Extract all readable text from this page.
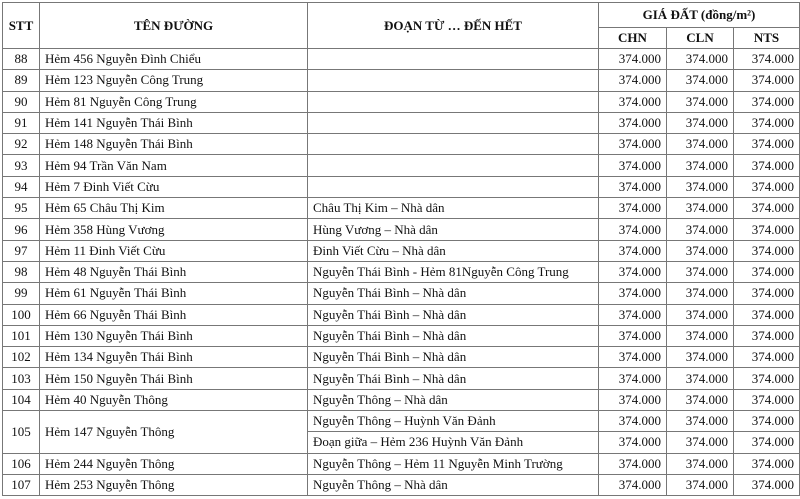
STT	TÊN ĐƯỜNG	ĐOẠN TỪ … ĐẾN HẾT	GIÁ ĐẤT (đồng/m²)		
			CHN	CLN	NTS
88	Hẻm 456 Nguyễn Đình Chiểu		374.000	374.000	374.000
89	Hẻm 123 Nguyễn Công Trung		374.000	374.000	374.000
90	Hẻm 81 Nguyễn Công Trung		374.000	374.000	374.000
91	Hẻm 141 Nguyễn Thái Bình		374.000	374.000	374.000
92	Hẻm 148 Nguyễn Thái Bình		374.000	374.000	374.000
93	Hẻm 94 Trần Văn Nam		374.000	374.000	374.000
94	Hẻm 7 Đinh Viết Cừu		374.000	374.000	374.000
95	Hẻm 65 Châu Thị Kim	Châu Thị Kim – Nhà dân	374.000	374.000	374.000
96	Hẻm 358 Hùng Vương	Hùng Vương – Nhà dân	374.000	374.000	374.000
97	Hẻm 11 Đinh Viết Cừu	Đinh Viết Cừu – Nhà dân	374.000	374.000	374.000
98	Hẻm 48 Nguyễn Thái Bình	Nguyễn Thái Bình - Hẻm 81Nguyễn Công Trung	374.000	374.000	374.000
99	Hẻm 61 Nguyễn Thái Bình	Nguyễn Thái Bình – Nhà dân	374.000	374.000	374.000
100	Hẻm 66 Nguyễn Thái Bình	Nguyễn Thái Bình – Nhà dân	374.000	374.000	374.000
101	Hẻm 130 Nguyễn Thái Bình	Nguyễn Thái Bình – Nhà dân	374.000	374.000	374.000
102	Hẻm 134 Nguyễn Thái Bình	Nguyễn Thái Bình – Nhà dân	374.000	374.000	374.000
103	Hẻm 150 Nguyễn Thái Bình	Nguyễn Thái Bình – Nhà dân	374.000	374.000	374.000
104	Hẻm 40 Nguyễn Thông	Nguyễn Thông – Nhà dân	374.000	374.000	374.000
105	Hẻm 147 Nguyễn Thông	Nguyễn Thông – Huỳnh Văn Đảnh	374.000	374.000	374.000
		Đoạn giữa – Hẻm 236 Huỳnh Văn Đảnh	374.000	374.000	374.000
106	Hẻm 244 Nguyễn Thông	Nguyễn Thông – Hẻm 11 Nguyễn Minh Trường	374.000	374.000	374.000
107	Hẻm 253 Nguyễn Thông	Nguyễn Thông – Nhà dân	374.000	374.000	374.000
